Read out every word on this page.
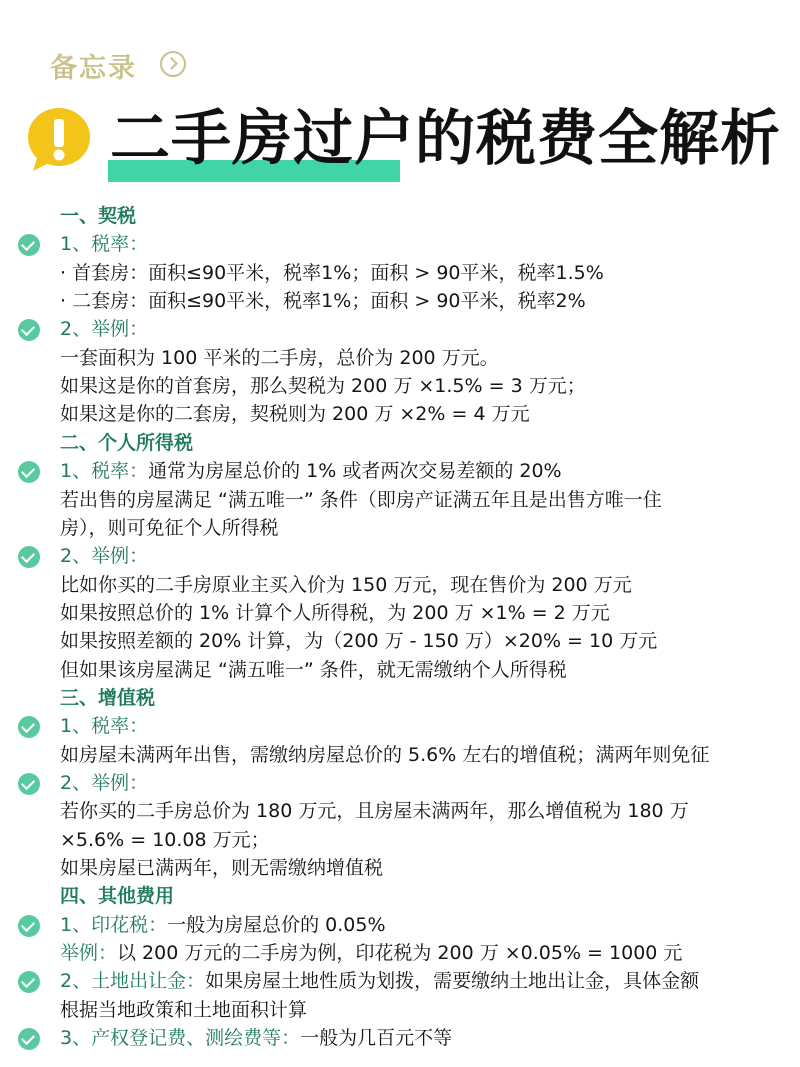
备忘录
二手房过户的税费全解析
一、契税
1、税率：
· 首套房：面积≤90平米，税率1%；面积 > 90平米，税率1.5%
· 二套房：面积≤90平米，税率1%；面积 > 90平米，税率2%
2、举例：
一套面积为 100 平米的二手房，总价为 200 万元。
如果这是你的首套房，那么契税为 200 万 ×1.5% = 3 万元；
如果这是你的二套房，契税则为 200 万 ×2% = 4 万元
二、个人所得税
1、税率：通常为房屋总价的 1% 或者两次交易差额的 20%
若出售的房屋满足 “满五唯一” 条件（即房产证满五年且是出售方唯一住
房），则可免征个人所得税
2、举例：
比如你买的二手房原业主买入价为 150 万元，现在售价为 200 万元
如果按照总价的 1% 计算个人所得税，为 200 万 ×1% = 2 万元
如果按照差额的 20% 计算，为（200 万 - 150 万）×20% = 10 万元
但如果该房屋满足 “满五唯一” 条件，就无需缴纳个人所得税
三、增值税
1、税率：
如房屋未满两年出售，需缴纳房屋总价的 5.6% 左右的增值税；满两年则免征
2、举例：
若你买的二手房总价为 180 万元，且房屋未满两年，那么增值税为 180 万
×5.6% = 10.08 万元；
如果房屋已满两年，则无需缴纳增值税
四、其他费用
1、印花税：一般为房屋总价的 0.05%
举例：以 200 万元的二手房为例，印花税为 200 万 ×0.05% = 1000 元
2、土地出让金：如果房屋土地性质为划拨，需要缴纳土地出让金，具体金额
根据当地政策和土地面积计算
3、产权登记费、测绘费等：一般为几百元不等
